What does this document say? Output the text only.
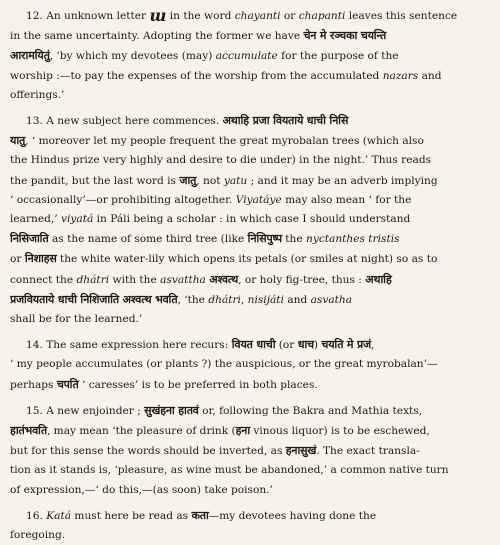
12. An unknown letter ɯ in the word chayanti or chapanti leaves this sentence
in the same uncertainty. Adopting the former we have चेन मे रञ्चका चयन्ति
आरामयितुं, ‘by which my devotees (may) accumulate for the purpose of the
worship :—to pay the expenses of the worship from the accumulated nazars and
offerings.’
13. A new subject here commences. अथाहि प्रजा वियताये धाची निसि
यातु, ‘ moreover let my people frequent the great myrobalan trees (which also
the Hindus prize very highly and desire to die under) in the night.’ Thus reads
the pandit, but the last word is जातु, not yatu ; and it may be an adverb implying
‘ occasionally’—or prohibiting altogether. Viyatáye may also mean ‘ for the
learned,’ viyatá in Páli being a scholar : in which case I should understand
निसिजाति as the name of some third tree (like निसिपुष्प the nyctanthes tristis
or निशाहस the white water-lily which opens its petals (or smiles at night) so as to
connect the dhátri with the asvattha अश्वत्थ, or holy fig-tree, thus : अथाहि
प्रजवियताये धाची निशिजाति अश्वत्थ भवति, ‘the dhátri, nisijáti and asvatha
shall be for the learned.’
14. The same expression here recurs: वियत धाची (or धाच) चयति मे प्रजं,
‘ my people accumulates (or plants ?) the auspicious, or the great myrobalan’—
perhaps चपति ‘ caresses’ is to be preferred in both places.
15. A new enjoinder ; सुखंहना हातवं or, following the Bakra and Mathia texts,
हातंभवति, may mean ‘the pleasure of drink (हना vinous liquor) is to be eschewed,
but for this sense the words should be inverted, as हनासुखं. The exact transla-
tion as it stands is, ‘pleasure, as wine must be abandoned,’ a common native turn
of expression,—‘ do this,—(as soon) take poison.’
16. Katá must here be read as कता—my devotees having done the
foregoing.
